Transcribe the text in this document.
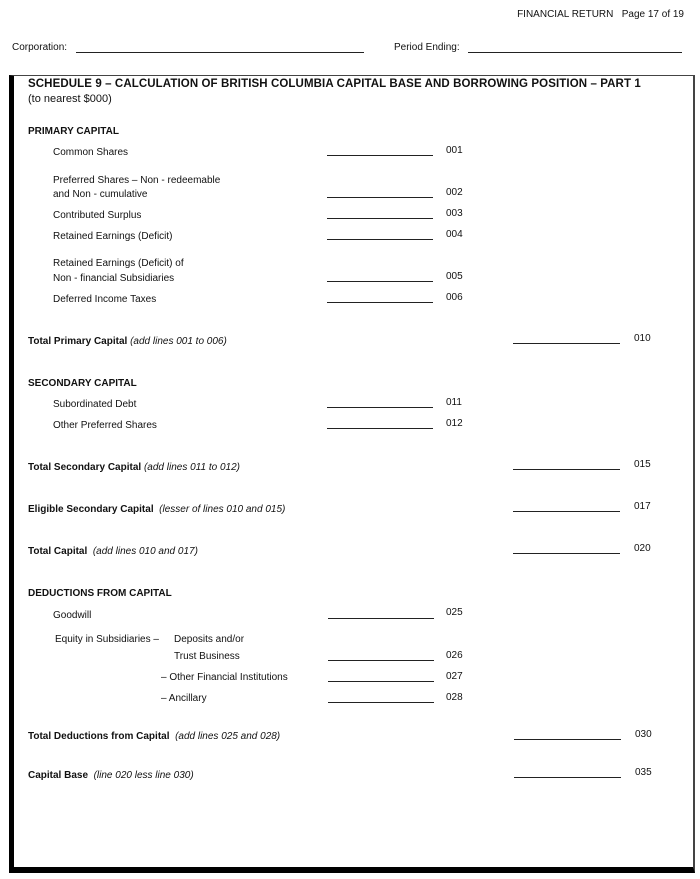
FINANCIAL RETURN Page 17 of 19
Corporation:	Period Ending:
SCHEDULE 9 – CALCULATION OF BRITISH COLUMBIA CAPITAL BASE AND BORROWING POSITION – PART 1
(to nearest $000)
PRIMARY CAPITAL
Common Shares	001
Preferred Shares – Non - redeemable
and Non - cumulative	002
Contributed Surplus	003
Retained Earnings (Deficit)	004
Retained Earnings (Deficit) of
Non - financial Subsidiaries	005
Deferred Income Taxes	006
Total Primary Capital (add lines 001 to 006)	010
SECONDARY CAPITAL
Subordinated Debt	011
Other Preferred Shares	012
Total Secondary Capital (add lines 011 to 012)	015
Eligible Secondary Capital (lesser of lines 010 and 015)	017
Total Capital (add lines 010 and 017)	020
DEDUCTIONS FROM CAPITAL
Goodwill	025
Equity in Subsidiaries – Deposits and/or
Trust Business	026
– Other Financial Institutions	027
– Ancillary	028
Total Deductions from Capital (add lines 025 and 028)	030
Capital Base (line 020 less line 030)	035
